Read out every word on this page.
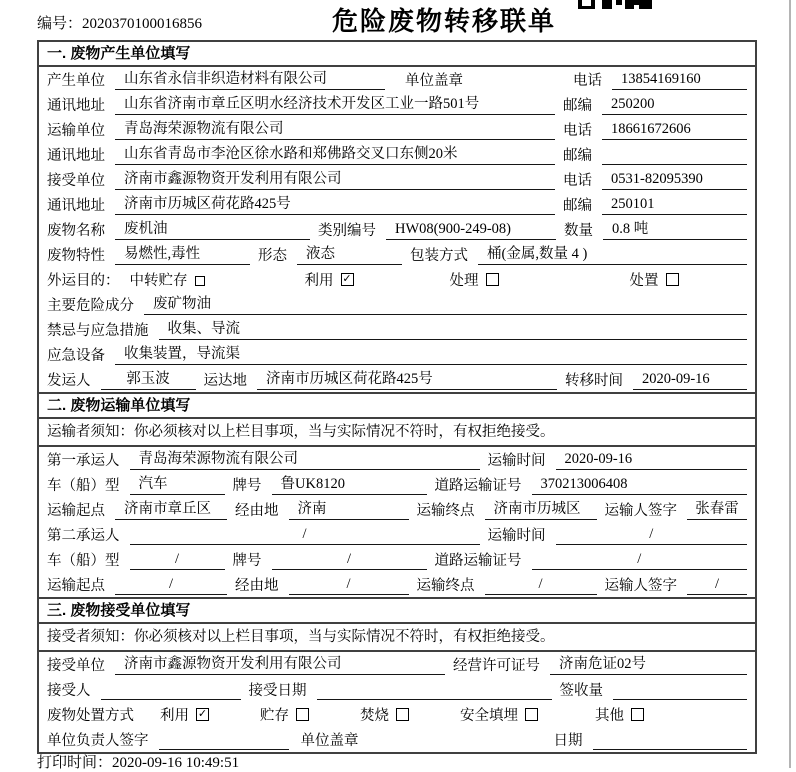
编号：2020370100016856	危险废物转移联单
一. 废物产生单位填写
产生单位	山东省永信非织造材料有限公司	单位盖章	电话	13854169160
通讯地址	山东省济南市章丘区明水经济技术开发区工业一路501号	邮编	250200
运输单位	青岛海荣源物流有限公司	电话	18661672606
通讯地址	山东省青岛市李沧区徐水路和郑佛路交叉口东侧20米	邮编
接受单位	济南市鑫源物资开发利用有限公司	电话	0531-82095390
通讯地址	济南市历城区荷花路425号	邮编	250101
废物名称	废机油	类别编号	HW08(900-249-08)	数量	0.8 吨
废物特性	易燃性,毒性	形态	液态	包装方式	桶(金属,数量 4 )
外运目的： 中转贮存	利用 ✓	处理	处置
主要危险成分	废矿物油
禁忌与应急措施	收集、导流
应急设备	收集装置，导流渠
发运人	郭玉波	运达地	济南市历城区荷花路425号	转移时间	2020-09-16
二. 废物运输单位填写
运输者须知：你必须核对以上栏目事项，当与实际情况不符时，有权拒绝接受。
第一承运人	青岛海荣源物流有限公司	运输时间	2020-09-16
车（船）型	汽车	牌号	鲁UK8120	道路运输证号	370213006408
运输起点	济南市章丘区	经由地	济南	运输终点	济南市历城区	运输人签字	张春雷
第二承运人	/	运输时间	/
车（船）型	/	牌号	/	道路运输证号	/
运输起点	/	经由地	/	运输终点	/	运输人签字	/
三. 废物接受单位填写
接受者须知：你必须核对以上栏目事项，当与实际情况不符时，有权拒绝接受。
接受单位	济南市鑫源物资开发利用有限公司	经营许可证号	济南危证02号
接受人	接受日期	签收量
废物处置方式 利用 ✓	贮存	焚烧	安全填埋	其他
单位负责人签字	单位盖章	日期
打印时间：2020-09-16 10:49:51
